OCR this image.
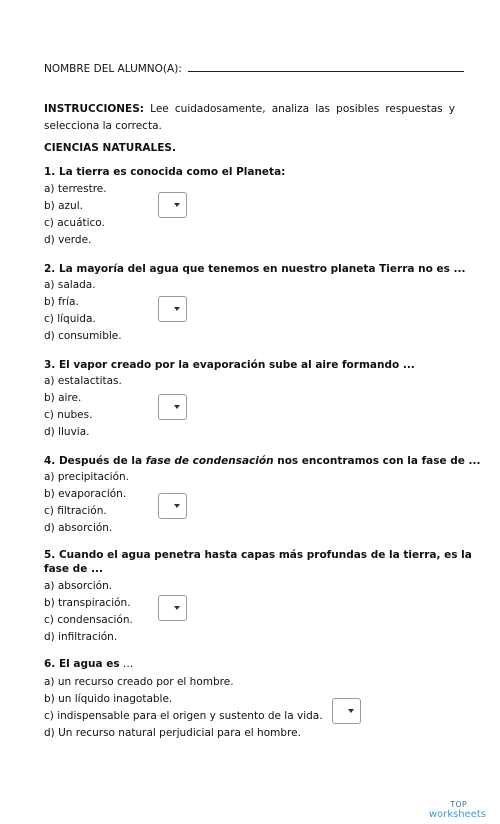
NOMBRE DEL ALUMNO(A):
INSTRUCCIONES: Lee cuidadosamente, analiza las posibles respuestas y
selecciona la correcta.
CIENCIAS NATURALES.
1. La tierra es conocida como el Planeta:
a) terrestre.
b) azul.
c) acuático.
d) verde.
2. La mayoría del agua que tenemos en nuestro planeta Tierra no es ...
a) salada.
b) fría.
c) líquida.
d) consumible.
3. El vapor creado por la evaporación sube al aire formando ...
a) estalactitas.
b) aire.
c) nubes.
d) lluvia.
4. Después de la fase de condensación nos encontramos con la fase de ...
a) precipitación.
b) evaporación.
c) filtración.
d) absorción.
5. Cuando el agua penetra hasta capas más profundas de la tierra, es la
fase de ...
a) absorción.
b) transpiración.
c) condensación.
d) infiltración.
6. El agua es …
a) un recurso creado por el hombre.
b) un líquido inagotable.
c) indispensable para el origen y sustento de la vida.
d) Un recurso natural perjudicial para el hombre.
TOP
worksheets
